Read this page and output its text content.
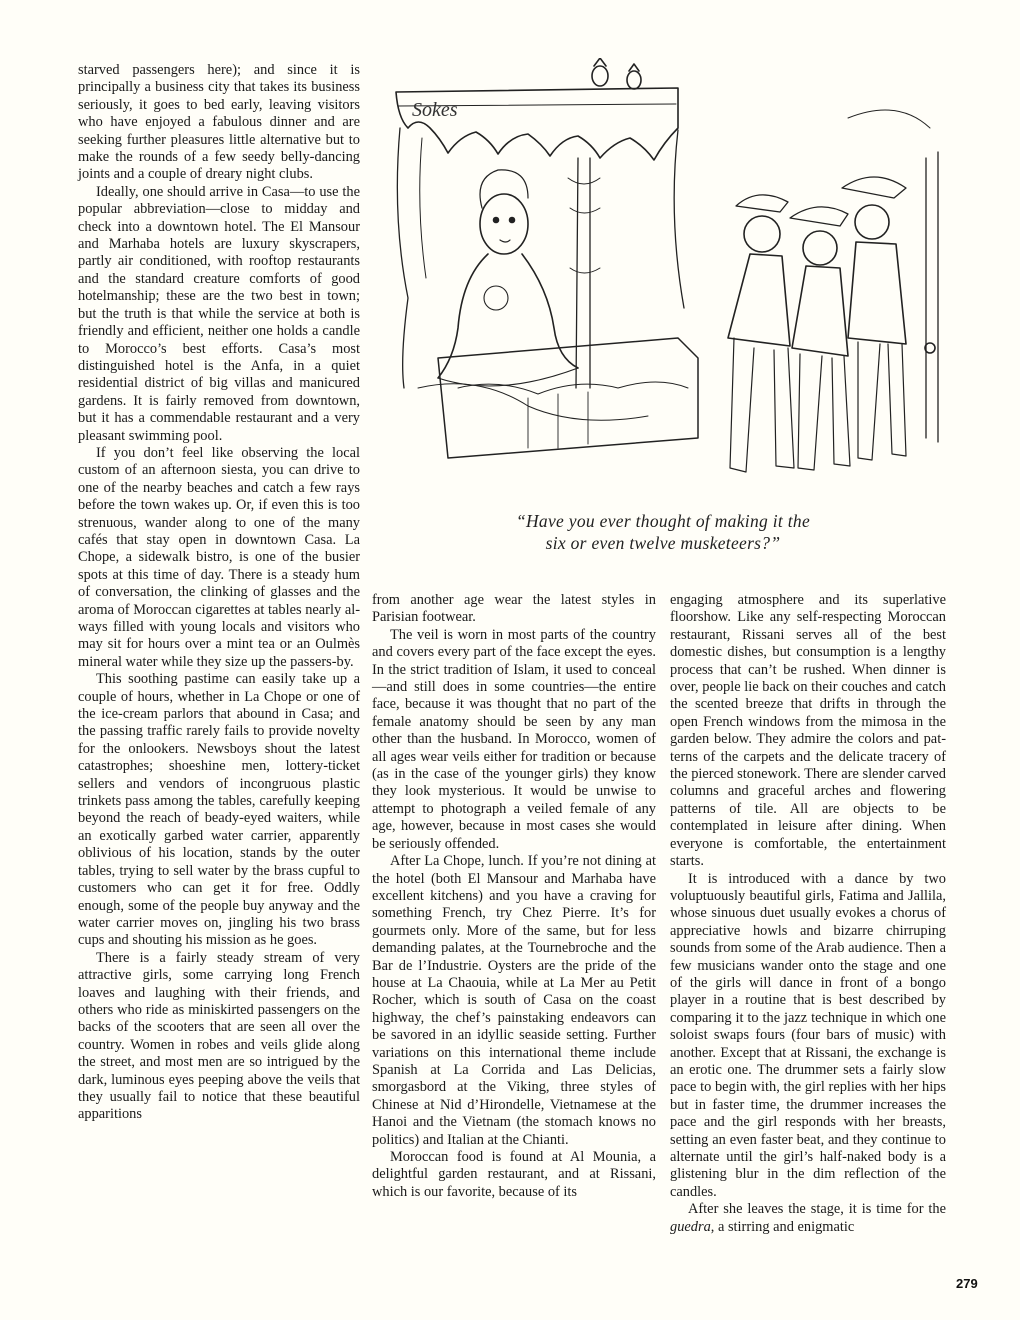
starved passengers here); and since it is principally a business city that takes its business seriously, it goes to bed early, leaving visitors who have enjoyed a fabulous dinner and are seeking further pleasures little alternative but to make the rounds of a few seedy belly-dancing joints and a couple of dreary night clubs.

Ideally, one should arrive in Casa—to use the popular abbreviation—close to midday and check into a downtown hotel. The El Mansour and Marhaba hotels are luxury skyscrapers, partly air conditioned, with rooftop restaurants and the standard creature comforts of good hotelmanship; these are the two best in town; but the truth is that while the service at both is friendly and efficient, neither one holds a candle to Morocco’s best efforts. Casa’s most distinguished hotel is the Anfa, in a quiet residential district of big villas and manicured gardens. It is fairly removed from downtown, but it has a commendable restaurant and a very pleasant swimming pool.

If you don’t feel like observing the local custom of an afternoon siesta, you can drive to one of the nearby beaches and catch a few rays before the town wakes up. Or, if even this is too strenuous, wander along to one of the many cafés that stay open in downtown Casa. La Chope, a sidewalk bistro, is one of the busier spots at this time of day. There is a steady hum of conversation, the clinking of glasses and the aroma of Moroccan cigarettes at tables nearly always filled with young locals and visitors who may sit for hours over a mint tea or an Oulmès mineral water while they size up the passers-by.

This soothing pastime can easily take up a couple of hours, whether in La Chope or one of the ice-cream parlors that abound in Casa; and the passing traffic rarely fails to provide novelty for the onlookers. Newsboys shout the latest catastrophes; shoeshine men, lottery-ticket sellers and vendors of incongruous plastic trinkets pass among the tables, carefully keeping beyond the reach of beady-eyed waiters, while an exotically garbed water carrier, apparently oblivious of his location, stands by the outer tables, trying to sell water by the brass cupful to customers who can get it for free. Oddly enough, some of the people buy anyway and the water carrier moves on, jingling his two brass cups and shouting his mission as he goes.

There is a fairly steady stream of very attractive girls, some carrying long French loaves and laughing with their friends, and others who ride as miniskirted passengers on the backs of the scooters that are seen all over the country. Women in robes and veils glide along the street, and most men are so intrigued by the dark, luminous eyes peeping above the veils that they usually fail to notice that these beautiful apparitions

Sokes
“Have you ever thought of making it the
six or even twelve musketeers?”

from another age wear the latest styles in Parisian footwear.

The veil is worn in most parts of the country and covers every part of the face except the eyes. In the strict tradition of Islam, it used to conceal—and still does in some countries—the entire face, because it was thought that no part of the female anatomy should be seen by any man other than the husband. In Morocco, women of all ages wear veils either for tradition or because (as in the case of the younger girls) they know they look mysterious. It would be unwise to attempt to photograph a veiled female of any age, however, because in most cases she would be seriously offended.

After La Chope, lunch. If you’re not dining at the hotel (both El Mansour and Marhaba have excellent kitchens) and you have a craving for something French, try Chez Pierre. It’s for gourmets only. More of the same, but for less demanding palates, at the Tournebroche and the Bar de l’Industrie. Oysters are the pride of the house at La Chaouia, while at La Mer au Petit Rocher, which is south of Casa on the coast highway, the chef’s painstaking endeavors can be savored in an idyllic seaside setting. Further variations on this international theme include Spanish at La Corrida and Las Delicias, smorgasbord at the Viking, three styles of Chinese at Nid d’Hirondelle, Vietnamese at the Hanoi and the Vietnam (the stomach knows no politics) and Italian at the Chianti.

Moroccan food is found at Al Mounia, a delightful garden restaurant, and at Rissani, which is our favorite, because of its

engaging atmosphere and its superlative floorshow. Like any self-respecting Moroccan restaurant, Rissani serves all of the best domestic dishes, but consumption is a lengthy process that can’t be rushed. When dinner is over, people lie back on their couches and catch the scented breeze that drifts in through the open French windows from the mimosa in the garden below. They admire the colors and patterns of the carpets and the delicate tracery of the pierced stonework. There are slender carved columns and graceful arches and flowering patterns of tile. All are objects to be contemplated in leisure after dining. When everyone is comfortable, the entertainment starts.

It is introduced with a dance by two voluptuously beautiful girls, Fatima and Jallila, whose sinuous duet usually evokes a chorus of appreciative howls and bizarre chirruping sounds from some of the Arab audience. Then a few musicians wander onto the stage and one of the girls will dance in front of a bongo player in a routine that is best described by comparing it to the jazz technique in which one soloist swaps fours (four bars of music) with another. Except that at Rissani, the exchange is an erotic one. The drummer sets a fairly slow pace to begin with, the girl replies with her hips but in faster time, the drummer increases the pace and the girl responds with her breasts, setting an even faster beat, and they continue to alternate until the girl’s half-naked body is a glistening blur in the dim reflection of the candles.

After she leaves the stage, it is time for the guedra, a stirring and enigmatic

279
